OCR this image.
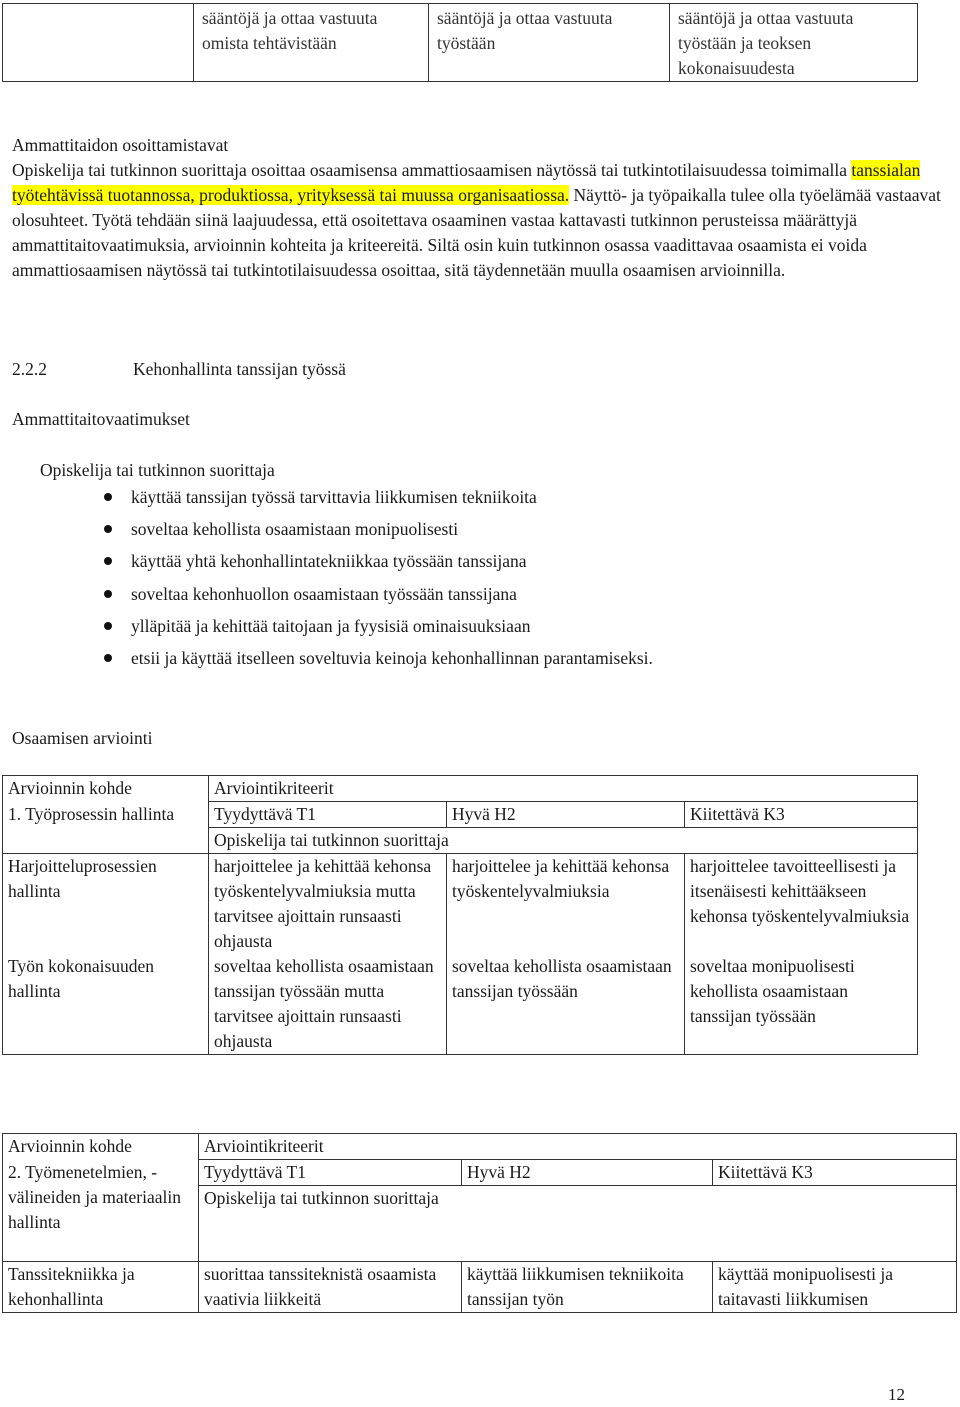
	sääntöjä ja ottaa vastuuta omista tehtävistään	sääntöjä ja ottaa vastuuta työstään	sääntöjä ja ottaa vastuuta työstään ja teoksen kokonaisuudesta
Ammattitaidon osoittamistavat
Opiskelija tai tutkinnon suorittaja osoittaa osaamisensa ammattiosaamisen näytössä tai tutkintotilaisuudessa toimimalla tanssialan työtehtävissä tuotannossa, produktiossa, yrityksessä tai muussa organisaatiossa. Näyttö- ja työpaikalla tulee olla työelämää vastaavat olosuhteet. Työtä tehdään siinä laajuudessa, että osoitettava osaaminen vastaa kattavasti tutkinnon perusteissa määrättyjä ammattitaitovaatimuksia, arvioinnin kohteita ja kriteereitä. Siltä osin kuin tutkinnon osassa vaadittavaa osaamista ei voida ammattiosaamisen näytössä tai tutkintotilaisuudessa osoittaa, sitä täydennetään muulla osaamisen arvioinnilla.
2.2.2	Kehonhallinta tanssijan työssä
Ammattitaitovaatimukset
Opiskelija tai tutkinnon suorittaja
käyttää tanssijan työssä tarvittavia liikkumisen tekniikoita
soveltaa kehollista osaamistaan monipuolisesti
käyttää yhtä kehonhallintatekniikkaa työssään tanssijana
soveltaa kehonhuollon osaamistaan työssään tanssijana
ylläpitää ja kehittää taitojaan ja fyysisiä ominaisuuksiaan
etsii ja käyttää itselleen soveltuvia keinoja kehonhallinnan parantamiseksi.
Osaamisen arviointi
Arvioinnin kohde	Arviointikriteerit		
1. Työprosessin hallinta	Tyydyttävä T1	Hyvä H2	Kiitettävä K3
	Opiskelija tai tutkinnon suorittaja		
Harjoitteluprosessien hallinta	harjoittelee ja kehittää kehonsa työskentelyvalmiuksia mutta tarvitsee ajoittain runsaasti ohjausta	harjoittelee ja kehittää kehonsa työskentelyvalmiuksia	harjoittelee tavoitteellisesti ja itsenäisesti kehittääkseen kehonsa työskentelyvalmiuksia
Työn kokonaisuuden hallinta	soveltaa kehollista osaamistaan tanssijan työssään mutta tarvitsee ajoittain runsaasti ohjausta	soveltaa kehollista osaamistaan tanssijan työssään	soveltaa monipuolisesti kehollista osaamistaan tanssijan työssään
Arvioinnin kohde	Arviointikriteerit		
2. Työmenetelmien, -välineiden ja materiaalin hallinta	Tyydyttävä T1	Hyvä H2	Kiitettävä K3
	Opiskelija tai tutkinnon suorittaja		
Tanssitekniikka ja kehonhallinta	suorittaa tanssiteknistä osaamista vaativia liikkeitä	käyttää liikkumisen tekniikoita tanssijan työn	käyttää monipuolisesti ja taitavasti liikkumisen
12
